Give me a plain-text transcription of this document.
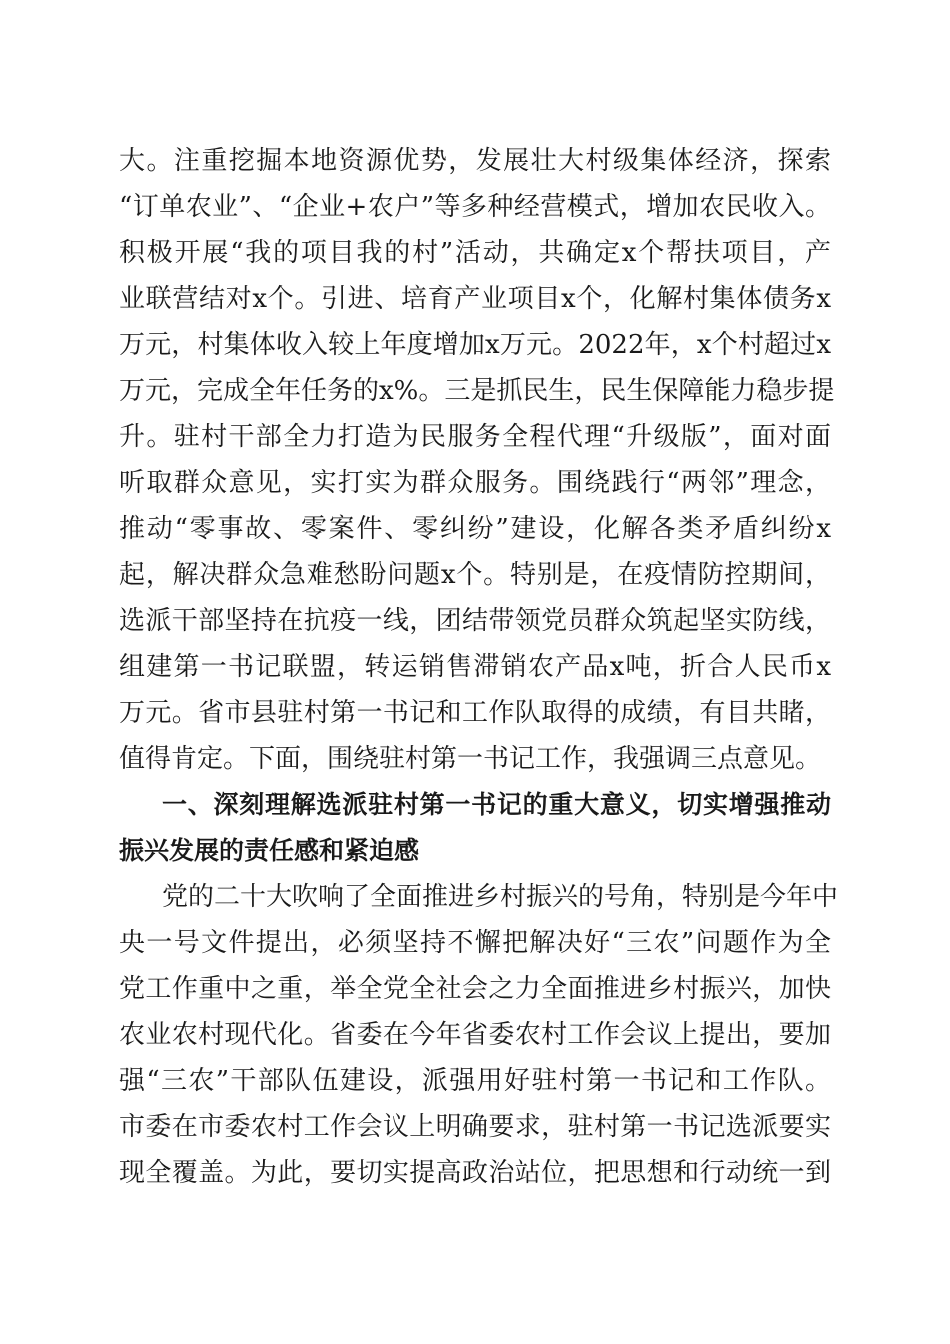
大。注重挖掘本地资源优势，发展壮大村级集体经济，探索
“订单农业”、“企业+农户”等多种经营模式，增加农民收入。
积极开展“我的项目我的村”活动，共确定x个帮扶项目，产
业联营结对x个。引进、培育产业项目x个，化解村集体债务x
万元，村集体收入较上年度增加x万元。2022年，x个村超过x
万元，完成全年任务的x%。三是抓民生，民生保障能力稳步提
升。驻村干部全力打造为民服务全程代理“升级版”，面对面
听取群众意见，实打实为群众服务。围绕践行“两邻”理念，
推动“零事故、零案件、零纠纷”建设，化解各类矛盾纠纷x
起，解决群众急难愁盼问题x个。特别是，在疫情防控期间，
选派干部坚持在抗疫一线，团结带领党员群众筑起坚实防线，
组建第一书记联盟，转运销售滞销农产品x吨，折合人民币x
万元。省市县驻村第一书记和工作队取得的成绩，有目共睹，
值得肯定。下面，围绕驻村第一书记工作，我强调三点意见。
一、深刻理解选派驻村第一书记的重大意义，切实增强推动
振兴发展的责任感和紧迫感
党的二十大吹响了全面推进乡村振兴的号角，特别是今年中
央一号文件提出，必须坚持不懈把解决好“三农”问题作为全
党工作重中之重，举全党全社会之力全面推进乡村振兴，加快
农业农村现代化。省委在今年省委农村工作会议上提出，要加
强“三农”干部队伍建设，派强用好驻村第一书记和工作队。
市委在市委农村工作会议上明确要求，驻村第一书记选派要实
现全覆盖。为此，要切实提高政治站位，把思想和行动统一到
